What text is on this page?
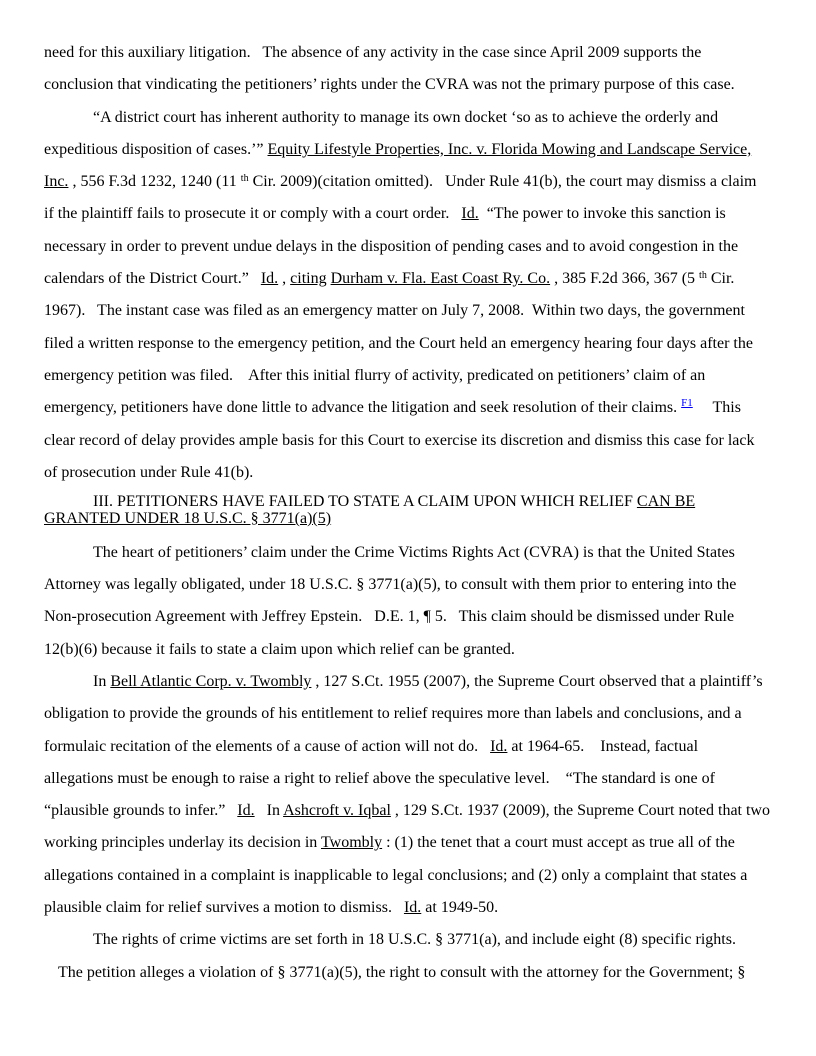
need for this auxiliary litigation.   The absence of any activity in the case since April 2009 supports the
conclusion that vindicating the petitioners’ rights under the CVRA was not the primary purpose of this case.
“A district court has inherent authority to manage its own docket ‘so as to achieve the orderly and
expeditious disposition of cases.’” Equity Lifestyle Properties, Inc. v. Florida Mowing and Landscape Service,
Inc. , 556 F.3d 1232, 1240 (11 $^{th}$ Cir. 2009)(citation omitted).   Under Rule 41(b), the court may dismiss a claim
if the plaintiff fails to prosecute it or comply with a court order.   Id.  “The power to invoke this sanction is
necessary in order to prevent undue delays in the disposition of pending cases and to avoid congestion in the
calendars of the District Court.”   Id. , citing Durham v. Fla. East Coast Ry. Co. , 385 F.2d 366, 367 (5 $^{th}$ Cir.
1967).   The instant case was filed as an emergency matter on July 7, 2008.  Within two days, the government
filed a written response to the emergency petition, and the Court held an emergency hearing four days after the
emergency petition was filed.    After this initial flurry of activity, predicated on petitioners’ claim of an
emergency, petitioners have done little to advance the litigation and seek resolution of their claims. $^{F1}$     This
clear record of delay provides ample basis for this Court to exercise its discretion and dismiss this case for lack
of prosecution under Rule 41(b).
III. PETITIONERS HAVE FAILED TO STATE A CLAIM UPON WHICH RELIEF CAN BE
GRANTED UNDER 18 U.S.C. § 3771(a)(5)
The heart of petitioners’ claim under the Crime Victims Rights Act (CVRA) is that the United States
Attorney was legally obligated, under 18 U.S.C. § 3771(a)(5), to consult with them prior to entering into the
Non-prosecution Agreement with Jeffrey Epstein.   D.E. 1, ¶ 5.   This claim should be dismissed under Rule
12(b)(6) because it fails to state a claim upon which relief can be granted.
In Bell Atlantic Corp. v. Twombly , 127 S.Ct. 1955 (2007), the Supreme Court observed that a plaintiff’s
obligation to provide the grounds of his entitlement to relief requires more than labels and conclusions, and a
formulaic recitation of the elements of a cause of action will not do.   Id. at 1964-65.    Instead, factual
allegations must be enough to raise a right to relief above the speculative level.    “The standard is one of
“plausible grounds to infer.”   Id.   In Ashcroft v. Iqbal , 129 S.Ct. 1937 (2009), the Supreme Court noted that two
working principles underlay its decision in Twombly : (1) the tenet that a court must accept as true all of the
allegations contained in a complaint is inapplicable to legal conclusions; and (2) only a complaint that states a
plausible claim for relief survives a motion to dismiss.   Id. at 1949-50.
The rights of crime victims are set forth in 18 U.S.C. § 3771(a), and include eight (8) specific rights.
The petition alleges a violation of § 3771(a)(5), the right to consult with the attorney for the Government; §
